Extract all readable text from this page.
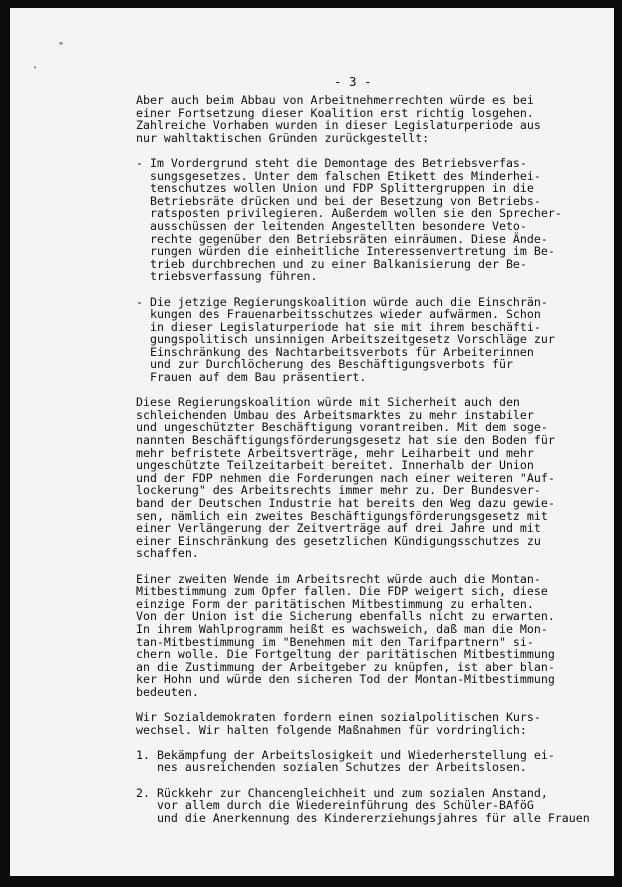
"
'
- 3 -
Aber auch beim Abbau von Arbeitnehmerrechten würde es bei
einer Fortsetzung dieser Koalition erst richtig losgehen.
Zahlreiche Vorhaben wurden in dieser Legislaturperiode aus
nur wahltaktischen Gründen zurückgestellt:
- Im Vordergrund steht die Demontage des Betriebsverfas-
sungsgesetzes. Unter dem falschen Etikett des Minderhei-
tenschutzes wollen Union und FDP Splittergruppen in die
Betriebsräte drücken und bei der Besetzung von Betriebs-
ratsposten privilegieren. Außerdem wollen sie den Sprecher-
ausschüssen der leitenden Angestellten besondere Veto-
rechte gegenüber den Betriebsräten einräumen. Diese Ände-
rungen würden die einheitliche Interessenvertretung im Be-
trieb durchbrechen und zu einer Balkanisierung der Be-
triebsverfassung führen.
- Die jetzige Regierungskoalition würde auch die Einschrän-
kungen des Frauenarbeitsschutzes wieder aufwärmen. Schon
in dieser Legislaturperiode hat sie mit ihrem beschäfti-
gungspolitisch unsinnigen Arbeitszeitgesetz Vorschläge zur
Einschränkung des Nachtarbeitsverbots für Arbeiterinnen
und zur Durchlöcherung des Beschäftigungsverbots für
Frauen auf dem Bau präsentiert.
Diese Regierungskoalition würde mit Sicherheit auch den
schleichenden Umbau des Arbeitsmarktes zu mehr instabiler
und ungeschützter Beschäftigung vorantreiben. Mit dem soge-
nannten Beschäftigungsförderungsgesetz hat sie den Boden für
mehr befristete Arbeitsverträge, mehr Leiharbeit und mehr
ungeschützte Teilzeitarbeit bereitet. Innerhalb der Union
und der FDP nehmen die Forderungen nach einer weiteren "Auf-
lockerung" des Arbeitsrechts immer mehr zu. Der Bundesver-
band der Deutschen Industrie hat bereits den Weg dazu gewie-
sen, nämlich ein zweites Beschäftigungsförderungsgesetz mit
einer Verlängerung der Zeitverträge auf drei Jahre und mit
einer Einschränkung des gesetzlichen Kündigungsschutzes zu
schaffen.
Einer zweiten Wende im Arbeitsrecht würde auch die Montan-
Mitbestimmung zum Opfer fallen. Die FDP weigert sich, diese
einzige Form der paritätischen Mitbestimmung zu erhalten.
Von der Union ist die Sicherung ebenfalls nicht zu erwarten.
In ihrem Wahlprogramm heißt es wachsweich, daß man die Mon-
tan-Mitbestimmung im "Benehmen mit den Tarifpartnern" si-
chern wolle. Die Fortgeltung der paritätischen Mitbestimmung
an die Zustimmung der Arbeitgeber zu knüpfen, ist aber blan-
ker Hohn und würde den sicheren Tod der Montan-Mitbestimmung
bedeuten.
Wir Sozialdemokraten fordern einen sozialpolitischen Kurs-
wechsel. Wir halten folgende Maßnahmen für vordringlich:
1. Bekämpfung der Arbeitslosigkeit und Wiederherstellung ei-
nes ausreichenden sozialen Schutzes der Arbeitslosen.
2. Rückkehr zur Chancengleichheit und zum sozialen Anstand,
vor allem durch die Wiedereinführung des Schüler-BAföG
und die Anerkennung des Kindererziehungsjahres für alle Frauen
